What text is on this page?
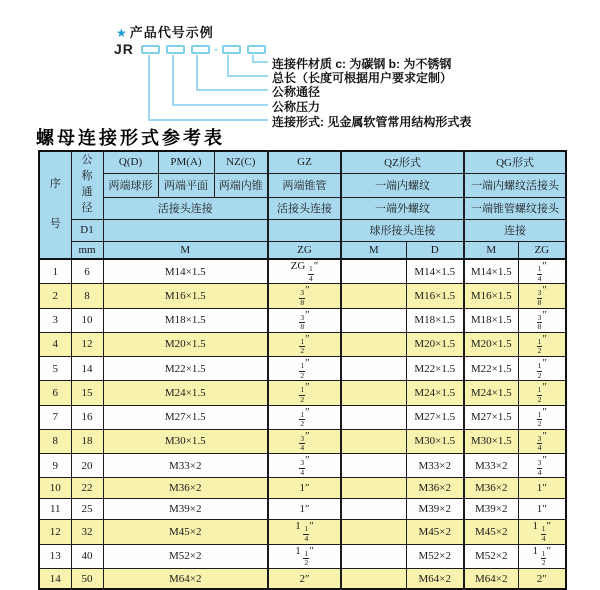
★ 产品代号示例
JR	-
连接件材质 c: 为碳钢 b: 为不锈钢
总长（长度可根据用户要求定制）
公称通径
公称压力
连接形式: 见金属软管常用结构形式表
螺母连接形式参考表
序号	公称通径	Q(D)	PM(A)	NZ(C)	GZ	QZ形式		QG形式	
		两端球形	两端平面	两端内锥	两端锥管	一端内螺纹		一端内螺纹活接头	
		活接头连接			活接头连接	一端外螺纹		一端锥管螺纹接头	
	D1					球形接头连接		连接	
	mm	M			ZG	M	D	M	ZG
1	6	M14×1.5			ZG $\frac{1}{4}$ ″		M14×1.5	M14×1.5	$\frac{1}{4}$ ″
2	8	M16×1.5			$\frac{3}{8}$ ″		M16×1.5	M16×1.5	$\frac{3}{8}$ ″
3	10	M18×1.5			$\frac{3}{8}$ ″		M18×1.5	M18×1.5	$\frac{3}{8}$ ″
4	12	M20×1.5			$\frac{1}{2}$ ″		M20×1.5	M20×1.5	$\frac{1}{2}$ ″
5	14	M22×1.5			$\frac{1}{2}$ ″		M22×1.5	M22×1.5	$\frac{1}{2}$ ″
6	15	M24×1.5			$\frac{1}{2}$ ″		M24×1.5	M24×1.5	$\frac{1}{2}$ ″
7	16	M27×1.5			$\frac{1}{2}$ ″		M27×1.5	M27×1.5	$\frac{1}{2}$ ″
8	18	M30×1.5			$\frac{3}{4}$ ″		M30×1.5	M30×1.5	$\frac{3}{4}$ ″
9	20	M33×2			$\frac{3}{4}$ ″		M33×2	M33×2	$\frac{3}{4}$ ″
10	22	M36×2			1″		M36×2	M36×2	1″
11	25	M39×2			1″		M39×2	M39×2	1″
12	32	M45×2			$1 \frac{1}{4}$ ″		M45×2	M45×2	$1 \frac{1}{4}$ ″
13	40	M52×2			$1 \frac{1}{2}$ ″		M52×2	M52×2	$1 \frac{1}{2}$ ″
14	50	M64×2			2″		M64×2	M64×2	2″
